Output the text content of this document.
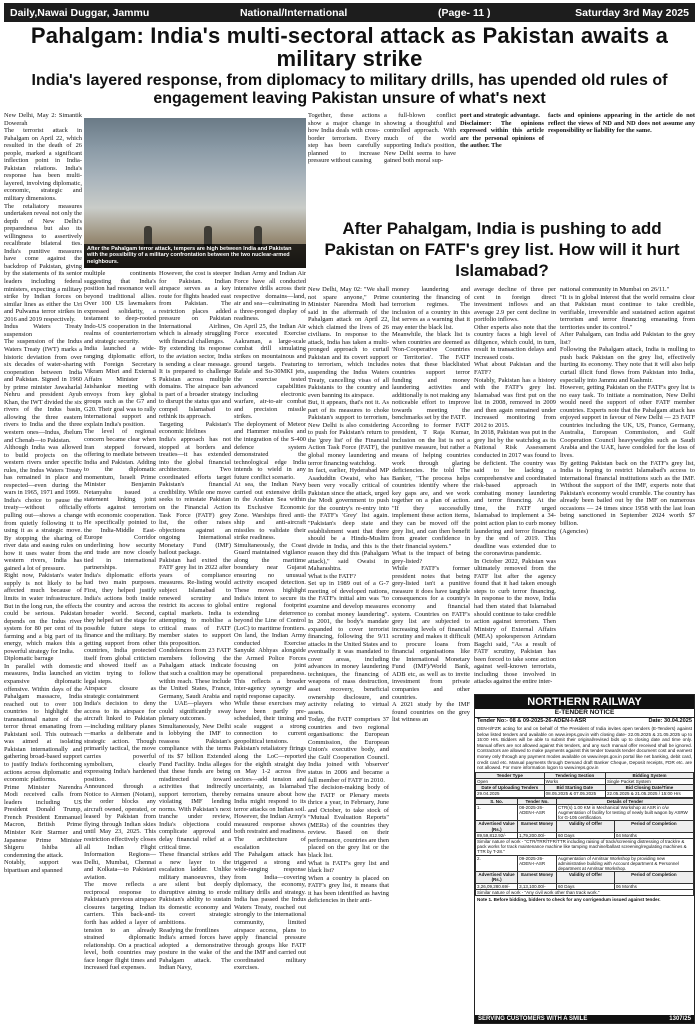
Daily,Nawai Duggar, Jammu	National/International	(Page- 11 )	Saturday 3rd May 2025
Pahalgam: India's multi-sectoral attack as Pakistan awaits a military strike
India's layered response, from diplomacy to military drills, has upended old rules of engagement leaving Pakistan unsure of what's next
New Delhi, May 2: Simantik Dowerah
The terrorist attack in Pahalgam on April 22, which resulted in the death of 26 people, marked a significant inflection point in India-Pakistan relations. India's response has been multi-layered, involving diplomatic, economic, strategic and military dimensions.
The retaliatory measures undertaken reveal not only the depth of New Delhi's preparedness but also its willingness to assertively recalibrate bilateral ties. India's punitive measures have come against the backdrop of Pakistan, giving by the statements of its senior leaders including federal ministers, expecting a military strike by Indian forces on similar lines as either the Uri and Pulwama terror strikes in 2016 and 2019 respectively.
Indus Waters Treaty suspension
The suspension of the Indus Waters Treaty (IWT) marks a historic deviation from over six decades of water-sharing cooperation between India and Pakistan. Signed in 1960 by prime minister Jawaharlal Nehru and president Ayub Khan, the IWT divided the six rivers of the Indus basin, allowing the three eastern rivers to India and the three western ones—Indus, Jhelum and Chenab—to Pakistan.
Although India was allowed to build projects on the western rivers under specific rules, the Indus Waters Treaty has remained in place and respected—even during the wars in 1965, 1971 and 1999.
India's choice to pause the treaty—without officially pulling out—shows a change from quietly following it to using it as a strategic move. By stopping the sharing of river data and easing rules on how it uses water from the western rivers, India has gained a lot of pressure.
Right now, Pakistan's water supply is not likely to be affected much because of limits in water infrastructure. But in the long run, the effects could be serious. Pakistan depends on the Indus river system for 80 per cent of its farming and a big part of its energy, which makes this a powerful strategy for India.
Diplomatic barrage
In parallel with domestic measures, India launched an expansive diplomatic offensive. Within days of the Pahalgam massacre, India reached out to over 100 countries to highlight the transnational nature of the terror threat emanating from Pakistani soil. This outreach was aimed at isolating Pakistan internationally and gathering broad-based support to justify India's forthcoming actions across diplomatic and economic platforms.
Prime Minister Narendra Modi received calls from leaders including US President Donald Trump, French President Emmanuel Macron, British Prime Minister Keir Starmer and Japanese Prime Minister Shigeru Ishiba all condemning the attack.
Notably, support was bipartisan and spanned
After the Pahalgam terror attack, tempers are high between India and Pakistan with the possibility of a military confrontation between the two nuclear-armed neighbours.
multiple continents suggesting that India's position had resonance well beyond traditional allies. Over 100 US lawmakers expressed solidarity, a testament to deep-rooted Indo-US cooperation in the realms of counterterrorism and strategic security.
India launched a wide-ranging diplomatic effort, with Foreign Secretary Vikram Misri and External Affairs Minister S Jaishankar meeting with envoys from key global groups such as the G7 and G20. Their goal was to rally international support and explain India's position.
The level of regional concern became clear when Iran stepped forward, offering to mediate between India and Pakistan. Adding to the diplomatic momentum, Israeli Prime Minister Benjamin Netanyahu issued a statement linking joint efforts against terrorism with economic cooperation. He specifically pointed to the India-Middle East-Europe Corridor underlining how security and trade are now closely tied in international partnerships.
India's diplomatic efforts had two main purposes. First, they helped justify India's actions both inside the country and across the broader world. Second, they helped set the stage for possible future steps to finance and the military. By getting support from other countries, India protected itself from global criticism and showed itself as a victim trying to follow legal steps.
Airspace closure as strategic containment
India's decision to deny access to its airspace for aircraft linked to Pakistan—including military planes—marks a deliberate and strategic action. Though primarily tactical, the move carries powerful symbolism, clearly expressing India's hardened position.
Announced through a Notice to Airmen (Notam), the order blocks any aircraft owned, operated, or leased by Pakistan from flying through Indian skies until May 23, 2025. This restriction effectively closes all Indian Flight Information Regions—Delhi, Mumbai, Chennai and Kolkata—to Pakistani aviation.
The move reflects a reciprocal response to Pakistan's previous airspace closures targeting Indian carriers. This back-and-forth has added a layer of tension to an already strained diplomatic relationship. On a practical level, both countries may face longer flight times and increased fuel expenses.
However, the cost is steeper for Pakistan. Indian airspace serves as a key route for flights headed east from Pakistan. The restriction places added pressure on Pakistan International Airlines, which is already struggling with financial challenges.
By extending its response to the aviation sector, India is sending a clear message. It is prepared to challenge Pakistan across multiple domains. The airspace ban is part of a broader strategy to disrupt the status quo and compel Islamabad to rethink its approach.
Targeting Pakistan's economic lifelines
India's approach has not stopped at borders and treaties—it has extended into the global financial architecture. Two coordinated efforts target Pakistan's financial credibility. While one move seeks to reinstate Pakistan on the Financial Action Task Force (FATF) grey list, the other raises objections against an ongoing International Monetary Fund (IMF) bailout package.
Pakistan had exited the FATF grey list in 2022 after years of compliance measures. Re-listing would subject Islamabad to renewed scrutiny and restrict its access to global capital markets. India is attempting to mobilise a critical mass of FATF member states to support this proposition.
Condolences from 23 FATF members following the Pahalgam attack indicate that such a coalition may be within reach. These include the United States, France, Germany, Saudi Arabia and the UAE—players who could significantly sway plenary outcomes.
Simultaneously, New Delhi is lobbying the IMF to reassess Pakistan's compliance with the terms of its $7 billion Extended Fund Facility. India alleges that these funds are being misdirected toward activities that indirectly support terrorism, thereby violating IMF lending norms. With Pakistan's next tranche under review, India's objections could complicate approval and delay financial relief at a critical time.
These financial strikes add a new layer to the escalation ladder. Unlike military manoeuvres, they are silent but deeply disruptive aiming to erode Pakistan's ability to sustain its domestic economy and its covert strategic ambitions.
Readying the frontlines
India's armed forces have adopted a demonstrative posture in the wake of the Pahalgam attack. The Indian Navy,
Indian Army and Indian Air Force have all conducted intensive drills across their respective domains—land, air and sea—culminating in a three-pronged display of readiness.
On April 25, the Indian Air Force executed Exercise Aakraman, a large-scale combat drill simulating strikes on mountainous and ground targets. Featuring Rafale and Su-30MKI jets, the exercise tested advanced capabilities including electronic warfare, air-to-air combat and precision missile strikes.
The deployment of Meteor and Hammer missiles and the integration of the S-400 defence system demonstrated the technological edge India intends to wield in any future conflict scenario.
At sea, the Indian Navy carried out extensive drills in the Arabian Sea within its Exclusive Economic Zone. Warships fired anti-ship and anti-aircraft missiles to validate their strike readiness.
Simultaneously, the Coast Guard maintained vigilance along the maritime boundary near Gujarat ensuring no unusual activity escaped detection. These moves highlight India's intent to secure its entire regional footprint extending deterrence beyond the Line of Control (LoC) to maritime frontiers.
On land, the Indian Army conducted Exercise Sanyukt Abhyas alongside the Armed Police Forces focusing on joint operational preparedness. This reflects a broader inter-agency synergy and rapid response capacity.
While these exercises may have been partly pre-scheduled, their timing and scale suggest a strong connection to current geopolitical tensions.
Pakistan's retaliatory firings along the LoC—reported for the eighth straight day on May 1-2 across five sectors—add tension and uncertainty, as Islamabad remains unsure about how India might respond to its terror attacks on Indian soil. However, the Indian Army's measured response shows both restraint and readiness.
The architecture of escalation
The Pahalgam attack has triggered a strong and wide-ranging response from India—covering diplomacy, the economy, military drills and strategy. India has passed the Indus Waters Treaty, reached out strongly to the international community, limited airspace access, plans to apply financial pressure through groups like FATF and the IMF and carried out coordinated military exercises.
Together, these actions show a major change in how India deals with cross-border terrorism. Every step has been carefully planned to increase pressure without causing
a full-blown conflict showing a thoughtful and controlled approach. With much of the world supporting India's position, New Delhi seems to have gained both moral sup-
port and strategic advantage.
Disclaimer: The opinions expressed within this article are the personal opinions of the author. The
facts and opinions appearing in the article do not reflect the views of ND and ND does not assume any responsibility or liability for the same.
After Pahalgam, India is pushing to add Pakistan on FATF's grey list. How will it hurt Islamabad?
New Delhi, May 02: "We shall not spare anyone," Prime Minister Narendra Modi had said in the aftermath of the Pahalgam attack on April 22, which claimed the lives of 26 civilians. In response to the attack, India has taken a multi-pronged approach to curtail Pakistan and its covert support to terrorism, which includes suspending the Indus Waters Treaty, cancelling visas of all Pakistanis to the country and even banning its airspace.
But, it appears, that's not it. As part of its measures to choke Pakistan's support to terrorism, New Delhi is also considering to push for Pakistan's return to the 'grey list' of the Financial Action Task Force (FATF), the global money laundering and terror financing watchdog.
In fact, earlier, Hyderabad MP Asaduddin Owaisi, who has been very vocally critical of Pakistan since the attack, urged the Modi government to push for the country's re-entry into the FATF's 'Grey' list again. "Pakistan's deep state and establishment want that there should be a Hindu-Muslim divide in India, and this is the reason they did this (Pahalgam attack)," said Owaisi in Maharashtra.
What is the FATF?
Set up in 1989 out of a G-7 meeting of developed nations, the FATF's initial aim was "to examine and develop measures to combat money laundering". In 2001, the body's mandate expanded to cover terrorist financing, following the 9/11 attacks in the United States and eventually it was mandated to cover areas, including advances in money laundering techniques, the financing of weapons of mass destruction, asset recovery, beneficial ownership disclosure, and activity relating to virtual assets.
Today, the FATF comprises 37 countries and two regional organisations: the European Commission, the European Union's executive body, and the Gulf Cooperation Council. India joined with 'observer' status in 2006 and became a full member of FATF in 2010.
The decision-making body of the FATF or Plenary meets thrice a year, in February, June and October, to take stock of "Mutual Evaluation Reports" (MERs) of the countries they review. Based on their performance, countries are then placed on the grey list or the black list.
What is FATF's grey list and black list?
When a country is placed on FATF's grey list, it means that it has been identified as having deficiencies in their anti-
money laundering and countering the financing of terrorism regimes. The inclusion of a country in this list serves as a warning that it may enter the black list.
Meanwhile, the black list is when countries are deemed as 'Non-Cooperative Countries or Territories'. The FATF notes that these blacklisted countries support terror funding and money laundering activities and additionally is not making any noticeable effort to improve towards meeting the benchmarks set by the FATF.
According to former FATF president, T Raja Kumar, inclusion on the list is not a punitive measure, but rather a means of helping countries work through glaring deficiencies. He told The Banker, "The process helps countries identify where the key gaps are, and we work together on a plan of action. "If they successfully implement these action items, they can be moved off the grey list, and can then benefit from greater confidence in their financial system."
What is the impact of being grey-listed?
While FATF's former president notes that being grey-listed isn't a punitive measure it does have tangible consequences for a country's economy and financial system. Countries on FATF's grey list are subjected to increasing levels of financial scrutiny and makes it difficult to procure loans from financial organisations like the International Monetary Fund (IMF)/World Bank, ADB etc, as well as to invite investment from private companies and other countries.
A 2021 study by the IMF found countries on the grey list witness an
average decline of three per cent in foreign direct investment inflows and an average 2.9 per cent decline in portfolio inflows.
Other experts also note that the country faces a high level of diligence, which could, in turn, result in transaction delays and increased costs.
What about Pakistan and the FATF?
Notably, Pakistan has a history with the FATF's grey list. Islamabad was first put on the list in 2008, removed in 2009 and then again remained under increased monitoring from 2012 to 2015.
In 2018, Pakistan was put in the grey list by the watchdog as its National Risk Assessment conducted in 2017 was found to be deficient. The country was said to be lacking a comprehensive and coordinated risk-based approach in combating money laundering and terror financing. At the time, the FATF urged Islamabad to implement a 34-point action plan to curb money laundering and terror financing by the end of 2019. This deadline was extended due to the coronavirus pandemic.
In October 2022, Pakistan was ultimately removed from the FATF list after the agency found that it had taken enough steps to curb terror financing. In response to the move, India had then stated that Islamabad should continue to take credible action against terrorism. Then Ministry of External Affairs (MEA) spokesperson Arindam Bagchi said, "As a result of FATF scrutiny, Pakistan has been forced to take some action against well-known terrorists, including those involved in attacks against the entire inter-
national community in Mumbai on 26/11."
"It is in global interest that the world remains clear that Pakistan must continue to take credible, verifiable, irreversible and sustained action against terrorism and terror financing emanating from territories under its control."
After Pahalgam, can India add Pakistan to the grey list?
Following the Pahalgam attack, India is mulling to push back Pakistan on the grey list, effectively hurting its economy. They note that it will also help curtail illicit fund flows from Pakistan into India, especially into Jammu and Kashmir.
However, getting Pakistan on the FATF's grey list is no easy task. To initiate a nomination, New Delhi would need the support of other FATF member countries. Experts note that the Pahalgam attack has enjoyed support in favour of New Delhi — 23 FATF countries including the UK, US, France, Germany, Australia, European Commission, and Gulf Cooperation Council heavyweights such as Saudi Arabia and the UAE, have condoled for the loss of lives.
By getting Pakistan back on the FATF's grey list, India is hoping to restrict Islamabad's access to international financial institutions such as the IMF. Without the support of the IMF, experts note that Pakistan's economy would crumble. The country has already been bailed out by the IMF on numerous occasions — 24 times since 1958 with the last loan being sanctioned in September 2024 worth $7 billion.
(Agencies)
NORTHERN RAILWAY
E-TENDER NOTICE
Tender No:- 08 & 09-2025-26-ADEN-I-ASR	Date: 30.04.2025
DEN-II/FZR acting for and on behalf of The President of India invites open tenders (E-Tenders) against below listed tenders and available on www.ireps.gov.in with closing date- 22.05.2025 & 21.05.2025 up to 15:00 Hrs. Bidders will be able to submit their original/revised bids up to closing date and time only. Manual offers are not allowed against this tenders, and any such manual offer received shall be ignored. Contractors are allowed to make payments against this tender towards tender document cost and earnest money only through any payment modes available on www.ireps.gov.in portal like net banking, debit card, credit card etc. Manual payments through Demand draft Banker Cheque, Deposit receipts, FDR etc. are not allowed. For more information logon to www.ireps.gov.in
Tender Type	Tendering Section	Bidding System
Open	Works	Single Packet System
Date of Uploading Tenders	Bid Starting Date	Bid Closing Date/Time
29.04.2025	08.05.2025 & 07.05.2025	22.05.2025 & 21.05.2025 / 15:00 Hrs
S. No.	Tender No.	Details of Tender	
1.	08-2025-26-ADEN-I-ASR	CTR(s) 1.00 KM in Mechanical Workshop at ASR in c/w Augmentation of facility for testing of newly built wagon by ASRW for G-105 certification.	
Advertised Value (Rs.)	Earnest Money	Validity of Offer	Period of Completion
89,59,812.92/-	1,79,200.00/-	60 Days	04 Months
Similar nature of work - "CTR/TRR/TFR/TTR including raising of track/screening distressing of track/re & pack works for track maintenance machine like tamping machine/ballast screening/regulating machines & TTR by T-28."			
2.	09-2025-26-ADEN-I-ASR	Augmentation of Amritsar Workshop by providing new administrative building with Account department & Personnel department at Amritsar Workshop.	
Advertised Value (Rs.)	Earnest Money	Validity of Offer	Period of Completion
3,26,09,280.69/-	3,13,100.00/-	60 Days	06 Months
Similar nature of work - "Any civil work other than track work."			
Note 1. Before bidding, bidders to check for any corrigendum issued against tender.
SERVING CUSTOMERS WITH A SMILE	1307/25
